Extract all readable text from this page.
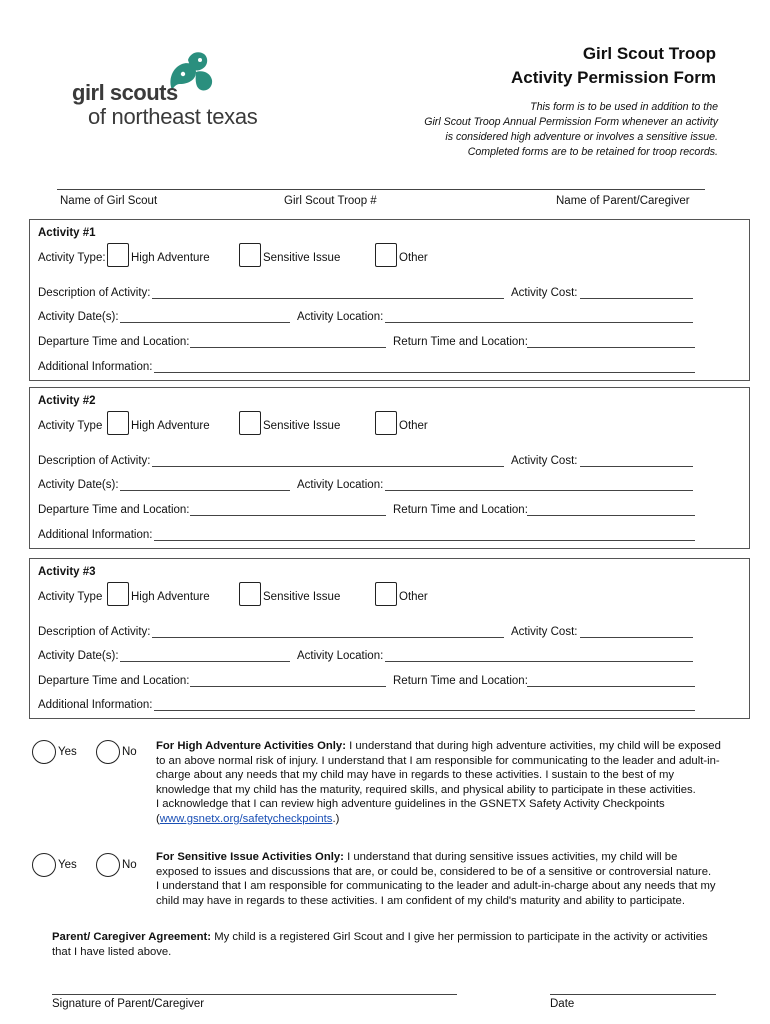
girl scouts
of northeast texas
Girl Scout Troop
Activity Permission Form
This form is to be used in addition to the
Girl Scout Troop Annual Permission Form whenever an activity
is considered high adventure or involves a sensitive issue.
Completed forms are to be retained for troop records.
Name of Girl Scout	Girl Scout Troop #	Name of Parent/Caregiver
Activity #1
Activity Type: High Adventure	Sensitive Issue	Other
Description of Activity:	Activity Cost:
Activity Date(s):	Activity Location:
Departure Time and Location:	Return Time and Location:
Additional Information:
Activity #2
Activity Type High Adventure	Sensitive Issue	Other
Description of Activity:	Activity Cost:
Activity Date(s):	Activity Location:
Departure Time and Location:	Return Time and Location:
Additional Information:
Activity #3
Activity Type High Adventure	Sensitive Issue	Other
Description of Activity:	Activity Cost:
Activity Date(s):	Activity Location:
Departure Time and Location:	Return Time and Location:
Additional Information:
Yes	No For High Adventure Activities Only: I understand that during high adventure activities, my child will be exposed
to an above normal risk of injury. I understand that I am responsible for communicating to the leader and adult-in-
charge about any needs that my child may have in regards to these activities. I sustain to the best of my
knowledge that my child has the maturity, required skills, and physical ability to participate in these activities.
I acknowledge that I can review high adventure guidelines in the GSNETX Safety Activity Checkpoints
(www.gsnetx.org/safetycheckpoints.)
Yes	No
For Sensitive Issue Activities Only: I understand that during sensitive issues activities, my child will be
exposed to issues and discussions that are, or could be, considered to be of a sensitive or controversial nature.
I understand that I am responsible for communicating to the leader and adult-in-charge about any needs that my
child may have in regards to these activities. I am confident of my child's maturity and ability to participate.
Parent/ Caregiver Agreement: My child is a registered Girl Scout and I give her permission to participate in the activity or activities
that I have listed above.
Signature of Parent/Caregiver	Date
